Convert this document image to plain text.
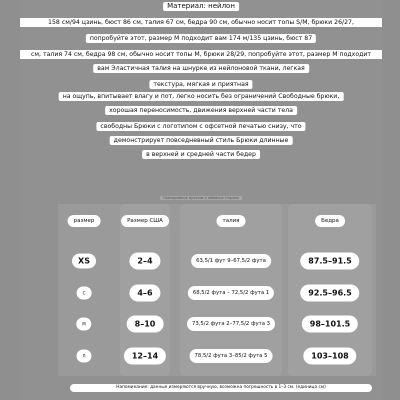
Материал: нейлон
158 см/94 цзинь, бюст 86 см, талия 67 см, бедра 90 см, обычно носит топы S/M, брюки 26/27,
попробуйте этот, размер M подходит вам 174 м/135 цзинь, бюст 87
см, талия 74 см, бедра 98 см, обычно носит топы M, брюки 28/29, попробуйте этот, размер M подходит
вам Эластичная талия на шнурке из нейлоновой ткани, легкая
текстура, мягкая и приятная
на ощупь, впитывает влагу и пот, легко носить без ограничений Свободные брюки,
хорошая переносимость, движения верхней части тела
свободны Брюки с логотипом с офсетной печатью снизу, что
демонстрирует повседневный стиль Брюки длинные
в верхней и средней части бедер
Повседневные мужские и забавные стороны
размер
XS
С
М
Л
Размер США
2–4
4–6
8–10
12–14
талия
63,5/1 фут 9–67,5/2 фута
68,5/2 фута – 72,5/2 фута 1
73,5/2 фута 2–77,5/2 фута 3
78,5/2 фута 3–85/2 фута 5
Бедра
87.5–91.5
92.5–96.5
98–101.5
103–108
Напоминание: данные измеряются вручную, возможна погрешность в 1–3 см. (единица см)
